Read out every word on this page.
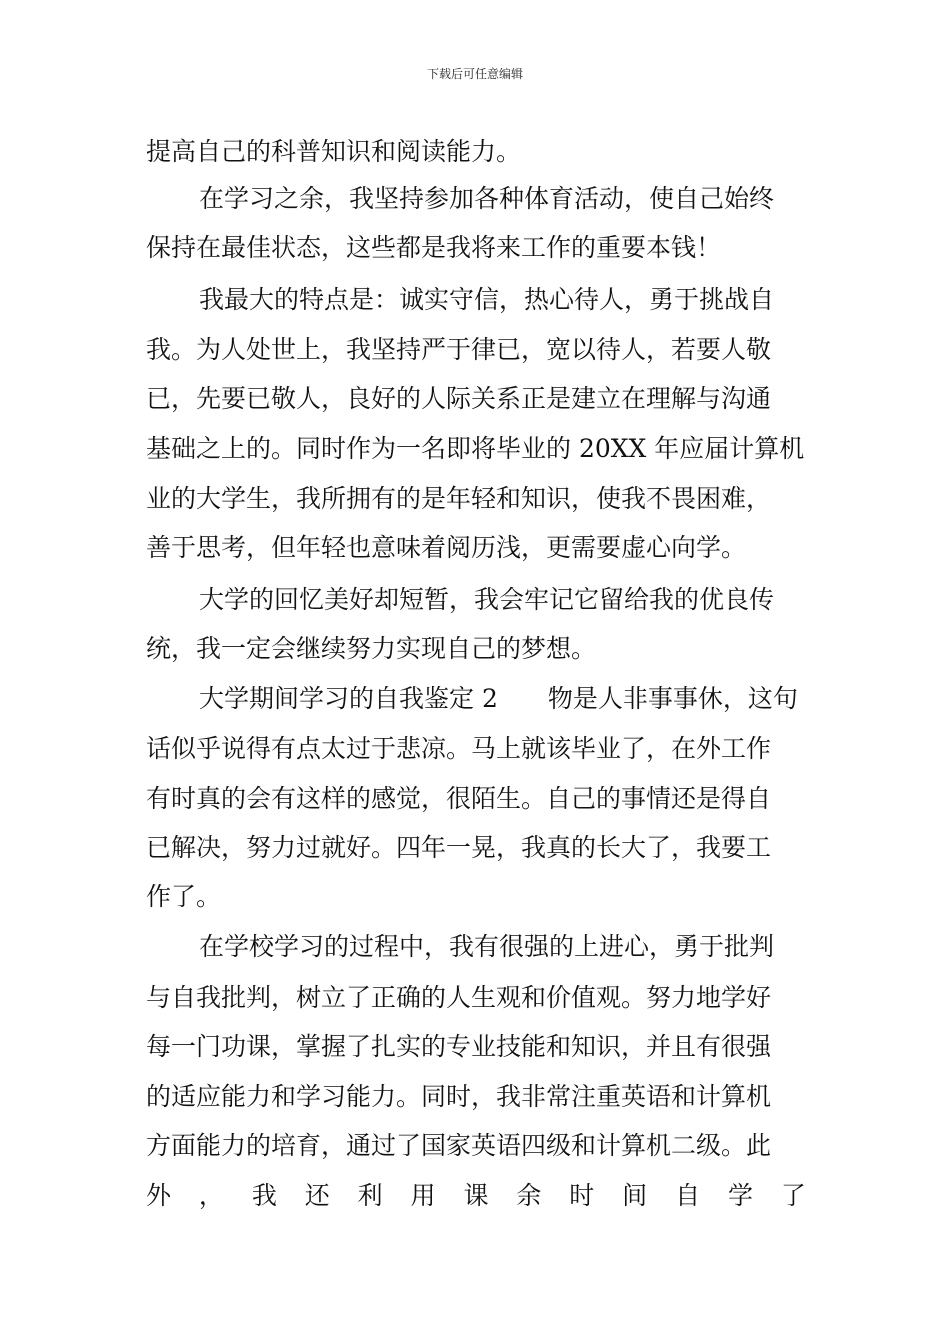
下载后可任意编辑
提高自己的科普知识和阅读能力。
在学习之余，我坚持参加各种体育活动，使自己始终
保持在最佳状态，这些都是我将来工作的重要本钱！
我最大的特点是：诚实守信，热心待人，勇于挑战自
我。为人处世上，我坚持严于律已，宽以待人，若要人敬
已，先要已敬人，良好的人际关系正是建立在理解与沟通
基础之上的。同时作为一名即将毕业的 20XX 年应届计算机
业的大学生，我所拥有的是年轻和知识，使我不畏困难，
善于思考，但年轻也意味着阅历浅，更需要虚心向学。
大学的回忆美好却短暂，我会牢记它留给我的优良传
统，我一定会继续努力实现自己的梦想。
大学期间学习的自我鉴定 2　　物是人非事事休，这句
话似乎说得有点太过于悲凉。马上就该毕业了，在外工作
有时真的会有这样的感觉，很陌生。自己的事情还是得自
已解决，努力过就好。四年一晃，我真的长大了，我要工
作了。
在学校学习的过程中，我有很强的上进心，勇于批判
与自我批判，树立了正确的人生观和价值观。努力地学好
每一门功课，掌握了扎实的专业技能和知识，并且有很强
的适应能力和学习能力。同时，我非常注重英语和计算机
方面能力的培育，通过了国家英语四级和计算机二级。此
外 ， 我 还 利 用 课 余 时 间 自 学 了
